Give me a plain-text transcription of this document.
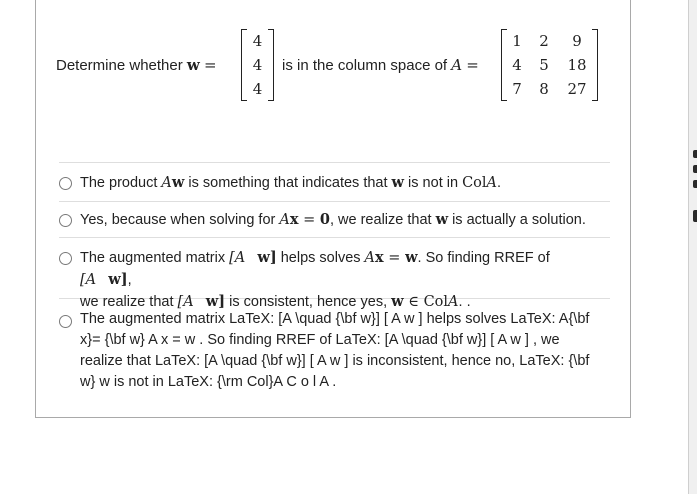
Determine whether w =
4
4
4
is in the column space of A =
1	2	9
4	5	18
7	8	27
The product Aw is something that indicates that w is not in ColA.
Yes, because when solving for Ax = 0, we realize that w is actually a solution.
The augmented matrix [A w] helps solves Ax = w. So finding RREF of [A w],
we realize that [A w] is consistent, hence yes, w ∈ ColA. .
The augmented matrix LaTeX: [A \quad {\bf w}] [ A w ] helps solves LaTeX: A{\bf x}= {\bf w} A x = w . So finding RREF of LaTeX: [A \quad {\bf w}] [ A w ] , we realize that LaTeX: [A \quad {\bf w}] [ A w ] is inconsistent, hence no, LaTeX: {\bf w} w is not in LaTeX: {\rm Col}A C o l A .
